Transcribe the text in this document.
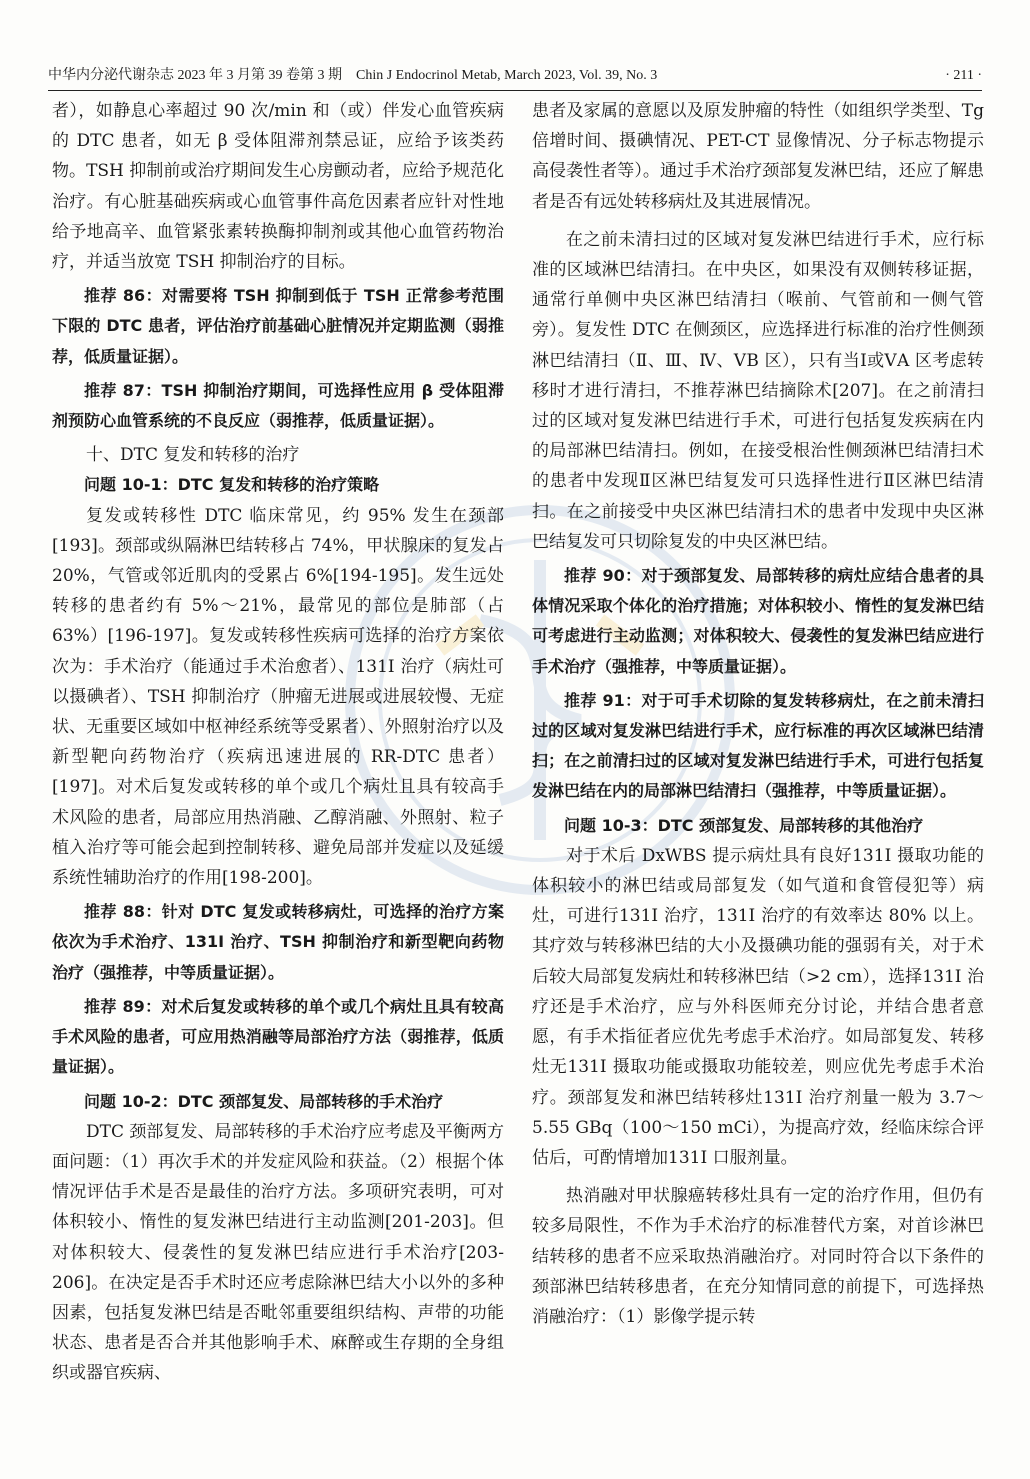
中华内分泌代谢杂志 2023 年 3 月第 39 卷第 3 期　Chin J Endocrinol Metab, March 2023, Vol. 39, No. 3	· 211 ·

者），如静息心率超过 90 次/min 和（或）伴发心血管疾病的 DTC 患者，如无 β 受体阻滞剂禁忌证，应给予该类药物。TSH 抑制前或治疗期间发生心房颤动者，应给予规范化治疗。有心脏基础疾病或心血管事件高危因素者应针对性地给予地高辛、血管紧张素转换酶抑制剂或其他心血管药物治疗，并适当放宽 TSH 抑制治疗的目标。

推荐 86：对需要将 TSH 抑制到低于 TSH 正常参考范围下限的 DTC 患者，评估治疗前基础心脏情况并定期监测（弱推荐，低质量证据）。

推荐 87：TSH 抑制治疗期间，可选择性应用 β 受体阻滞剂预防心血管系统的不良反应（弱推荐，低质量证据）。

十、DTC 复发和转移的治疗

问题 10-1：DTC 复发和转移的治疗策略

复发或转移性 DTC 临床常见，约 95% 发生在颈部[193]。颈部或纵隔淋巴结转移占 74%，甲状腺床的复发占 20%，气管或邻近肌肉的受累占 6%[194-195]。发生远处转移的患者约有 5%～21%，最常见的部位是肺部（占 63%）[196-197]。复发或转移性疾病可选择的治疗方案依次为：手术治疗（能通过手术治愈者）、131I 治疗（病灶可以摄碘者）、TSH 抑制治疗（肿瘤无进展或进展较慢、无症状、无重要区域如中枢神经系统等受累者）、外照射治疗以及新型靶向药物治疗（疾病迅速进展的 RR-DTC 患者）[197]。对术后复发或转移的单个或几个病灶且具有较高手术风险的患者，局部应用热消融、乙醇消融、外照射、粒子植入治疗等可能会起到控制转移、避免局部并发症以及延缓系统性辅助治疗的作用[198-200]。

推荐 88：针对 DTC 复发或转移病灶，可选择的治疗方案依次为手术治疗、131I 治疗、TSH 抑制治疗和新型靶向药物治疗（强推荐，中等质量证据）。

推荐 89：对术后复发或转移的单个或几个病灶且具有较高手术风险的患者，可应用热消融等局部治疗方法（弱推荐，低质量证据）。

问题 10-2：DTC 颈部复发、局部转移的手术治疗

DTC 颈部复发、局部转移的手术治疗应考虑及平衡两方面问题：（1）再次手术的并发症风险和获益。（2）根据个体情况评估手术是否是最佳的治疗方法。多项研究表明，可对体积较小、惰性的复发淋巴结进行主动监测[201-203]。但对体积较大、侵袭性的复发淋巴结应进行手术治疗[203-206]。在决定是否手术时还应考虑除淋巴结大小以外的多种因素，包括复发淋巴结是否毗邻重要组织结构、声带的功能状态、患者是否合并其他影响手术、麻醉或生存期的全身组织或器官疾病、

患者及家属的意愿以及原发肿瘤的特性（如组织学类型、Tg 倍增时间、摄碘情况、PET-CT 显像情况、分子标志物提示高侵袭性者等）。通过手术治疗颈部复发淋巴结，还应了解患者是否有远处转移病灶及其进展情况。

在之前未清扫过的区域对复发淋巴结进行手术，应行标准的区域淋巴结清扫。在中央区，如果没有双侧转移证据，通常行单侧中央区淋巴结清扫（喉前、气管前和一侧气管旁）。复发性 DTC 在侧颈区，应选择进行标准的治疗性侧颈淋巴结清扫（Ⅱ、Ⅲ、Ⅳ、ⅤB 区），只有当Ⅰ或ⅤA 区考虑转移时才进行清扫，不推荐淋巴结摘除术[207]。在之前清扫过的区域对复发淋巴结进行手术，可进行包括复发疾病在内的局部淋巴结清扫。例如，在接受根治性侧颈淋巴结清扫术的患者中发现Ⅱ区淋巴结复发可只选择性进行Ⅱ区淋巴结清扫。在之前接受中央区淋巴结清扫术的患者中发现中央区淋巴结复发可只切除复发的中央区淋巴结。

推荐 90：对于颈部复发、局部转移的病灶应结合患者的具体情况采取个体化的治疗措施；对体积较小、惰性的复发淋巴结可考虑进行主动监测；对体积较大、侵袭性的复发淋巴结应进行手术治疗（强推荐，中等质量证据）。

推荐 91：对于可手术切除的复发转移病灶，在之前未清扫过的区域对复发淋巴结进行手术，应行标准的再次区域淋巴结清扫；在之前清扫过的区域对复发淋巴结进行手术，可进行包括复发淋巴结在内的局部淋巴结清扫（强推荐，中等质量证据）。

问题 10-3：DTC 颈部复发、局部转移的其他治疗

对于术后 DxWBS 提示病灶具有良好131I 摄取功能的体积较小的淋巴结或局部复发（如气道和食管侵犯等）病灶，可进行131I 治疗，131I 治疗的有效率达 80% 以上。其疗效与转移淋巴结的大小及摄碘功能的强弱有关，对于术后较大局部复发病灶和转移淋巴结（>2 cm），选择131I 治疗还是手术治疗，应与外科医师充分讨论，并结合患者意愿，有手术指征者应优先考虑手术治疗。如局部复发、转移灶无131I 摄取功能或摄取功能较差，则应优先考虑手术治疗。颈部复发和淋巴结转移灶131I 治疗剂量一般为 3.7～5.55 GBq（100～150 mCi），为提高疗效，经临床综合评估后，可酌情增加131I 口服剂量。

热消融对甲状腺癌转移灶具有一定的治疗作用，但仍有较多局限性，不作为手术治疗的标准替代方案，对首诊淋巴结转移的患者不应采取热消融治疗。对同时符合以下条件的颈部淋巴结转移患者，在充分知情同意的前提下，可选择热消融治疗：（1）影像学提示转
